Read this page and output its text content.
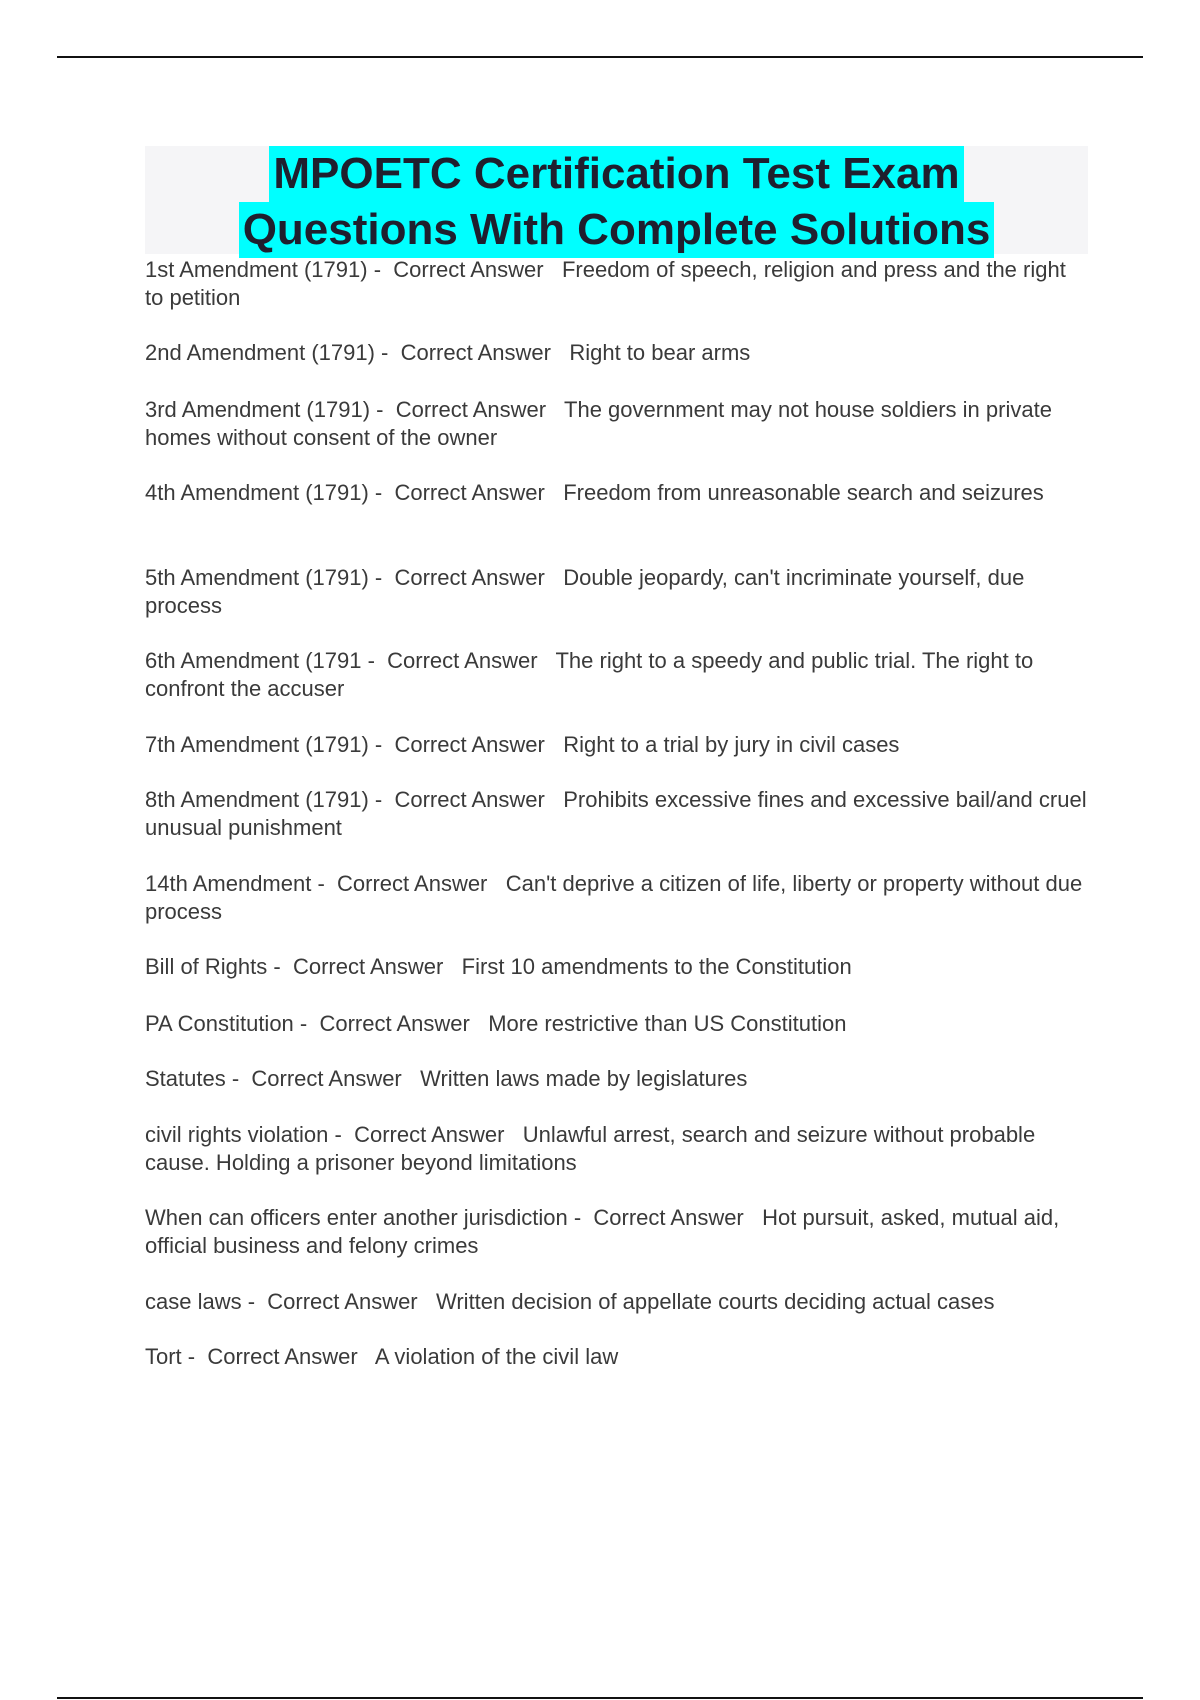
MPOETC Certification Test Exam
Questions With Complete Solutions

1st Amendment (1791) -  Correct Answer   Freedom of speech, religion and press and the right to petition

2nd Amendment (1791) -  Correct Answer   Right to bear arms

3rd Amendment (1791) -  Correct Answer   The government may not house soldiers in private homes without consent of the owner

4th Amendment (1791) -  Correct Answer   Freedom from unreasonable search and seizures

5th Amendment (1791) -  Correct Answer   Double jeopardy, can't incriminate yourself, due process

6th Amendment (1791 -  Correct Answer   The right to a speedy and public trial. The right to confront the accuser

7th Amendment (1791) -  Correct Answer   Right to a trial by jury in civil cases

8th Amendment (1791) -  Correct Answer   Prohibits excessive fines and excessive bail/and cruel unusual punishment

14th Amendment -  Correct Answer   Can't deprive a citizen of life, liberty or property without due process

Bill of Rights -  Correct Answer   First 10 amendments to the Constitution

PA Constitution -  Correct Answer   More restrictive than US Constitution

Statutes -  Correct Answer   Written laws made by legislatures

civil rights violation -  Correct Answer   Unlawful arrest, search and seizure without probable cause. Holding a prisoner beyond limitations

When can officers enter another jurisdiction -  Correct Answer   Hot pursuit, asked, mutual aid, official business and felony crimes

case laws -  Correct Answer   Written decision of appellate courts deciding actual cases

Tort -  Correct Answer   A violation of the civil law
